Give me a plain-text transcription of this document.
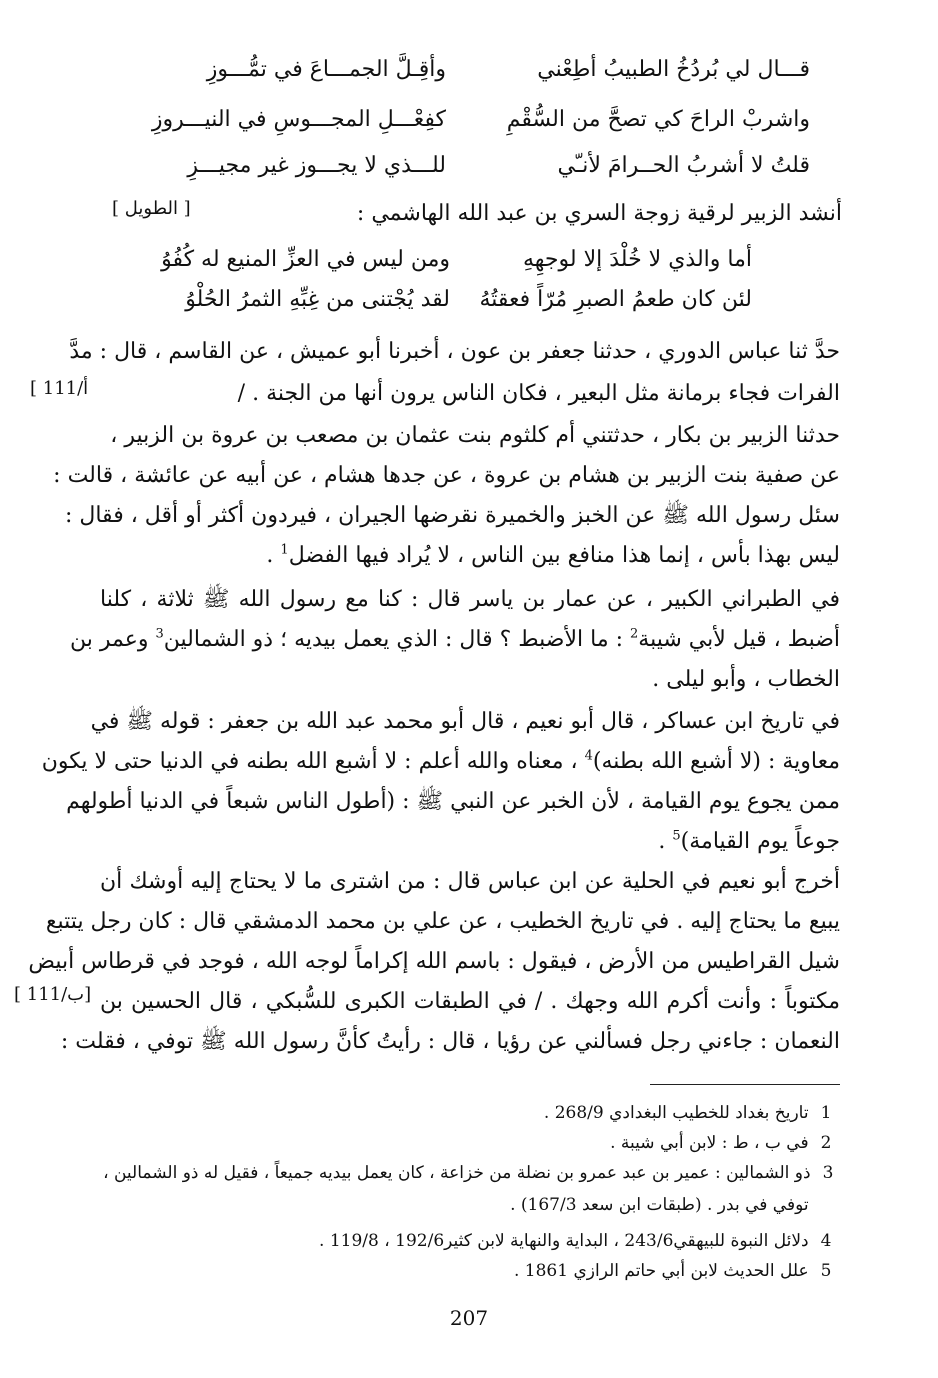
قـــال لي بُردُخُ الطبيبُ أطِعْني
وأقِـلَّ الجمـــاعَ في تمُّـــوزِ
واشربْ الراحَ كي تصحَّ من السُّقْمِ
كفِعْـــلِ المجـــوسِ في النيـــروزِ
قلتُ لا أشربُ الحــرامَ لأنـّي
للـــذي لا يجـــوز غير مجيـــزِ
أنشد الزبير لرقية زوجة السري بن عبد الله الهاشمي :
[ الطويل ]
أما والذي لا خُلْدَ إلا لوجهِهِ
ومن ليس في العزِّ المنيع له كُفُوُ
لئن كان طعمُ الصبرِ مُرّاً فعقتُهُ
لقد يُجْتنى من غِبِّهِ الثمرُ الحُلْوُ
حدَّ ثنا عباس الدوري ، حدثنا جعفر بن عون ، أخبرنا أبو عميش ، عن القاسم ، قال : مدَّ
الفرات فجاء برمانة مثل البعير ، فكان الناس يرون أنها من الجنة . /
حدثنا الزبير بن بكار ، حدثتني أم كلثوم بنت عثمان بن مصعب بن عروة بن الزبير ،
عن صفية بنت الزبير بن هشام بن عروة ، عن جدها هشام ، عن أبيه عن عائشة ، قالت :
سئل رسول الله ﷺ عن الخبز والخميرة نقرضها الجيران ، فيردون أكثر أو أقل ، فقال :
ليس بهذا بأس ، إنما هذا منافع بين الناس ، لا يُراد فيها الفضل$^1$ .
في الطبراني الكبير ، عن عمار بن ياسر قال : كنا مع رسول الله ﷺ ثلاثة ، كلنا
أضبط ، قيل لأبي شيبة$^2$ : ما الأضبط ؟ قال : الذي يعمل بيديه ؛ ذو الشمالين$^3$ وعمر بن
الخطاب ، وأبو ليلى .
في تاريخ ابن عساكر ، قال أبو نعيم ، قال أبو محمد عبد الله بن جعفر : قوله ﷺ في
معاوية : (لا أشبع الله بطنه)$^4$ ، معناه والله أعلم : لا أشبع الله بطنه في الدنيا حتى لا يكون
ممن يجوع يوم القيامة ، لأن الخبر عن النبي ﷺ : (أطول الناس شبعاً في الدنيا أطولهم
جوعاً يوم القيامة)$^5$ .
أخرج أبو نعيم في الحلية عن ابن عباس قال : من اشترى ما لا يحتاج إليه أوشك أن
يبيع ما يحتاج إليه . في تاريخ الخطيب ، عن علي بن محمد الدمشقي قال : كان رجل يتتبع
شيل القراطيس من الأرض ، فيقول : باسم الله إكراماً لوجه الله ، فوجد في قرطاس أبيض
مكتوباً : وأنت أكرم الله وجهك . / في الطبقات الكبرى للسُّبكي ، قال الحسين بن
النعمان : جاءني رجل فسألني عن رؤيا ، قال : رأيتُ كأنَّ رسول الله ﷺ توفي ، فقلت :
[ 111/أ
[ 111/ب]
1 تاريخ بغداد للخطيب البغدادي 268/9 .
2 في ب ، ط : لابن أبي شيبة .
3 ذو الشمالين : عمير بن عبد عمرو بن نضلة من خزاعة ، كان يعمل بيديه جميعاً ، فقيل له ذو الشمالين ،
توفي في بدر . (طبقات ابن سعد 167/3) .
4 دلائل النبوة للبيهقي243/6 ، البداية والنهاية لابن كثير192/6 ، 119/8 .
5 علل الحديث لابن أبي حاتم الرازي 1861 .
207
